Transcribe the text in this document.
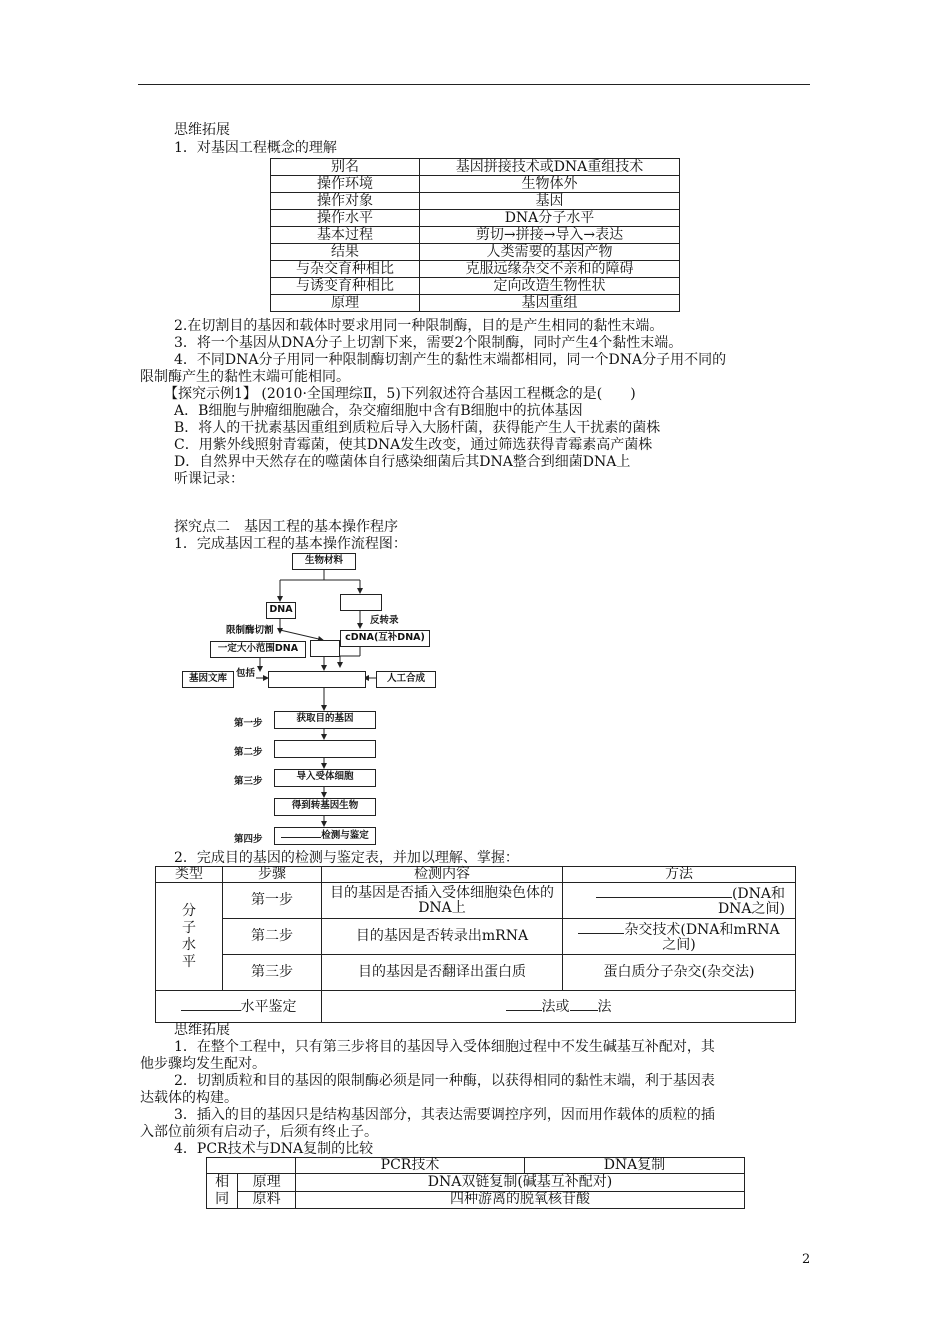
思维拓展
1．对基因工程概念的理解
别名	基因拼接技术或DNA重组技术
操作环境	生物体外
操作对象	基因
操作水平	DNA分子水平
基本过程	剪切→拼接→导入→表达
结果	人类需要的基因产物
与杂交育种相比	克服远缘杂交不亲和的障碍
与诱变育种相比	定向改造生物性状
原理	基因重组
2.在切割目的基因和载体时要求用同一种限制酶，目的是产生相同的黏性末端。
3．将一个基因从DNA分子上切割下来，需要2个限制酶，同时产生4个黏性末端。
4．不同DNA分子用同一种限制酶切割产生的黏性末端都相同，同一个DNA分子用不同的
限制酶产生的黏性末端可能相同。
【探究示例1】 (2010·全国理综Ⅱ，5)下列叙述符合基因工程概念的是(　　)
A．B细胞与肿瘤细胞融合，杂交瘤细胞中含有B细胞中的抗体基因
B．将人的干扰素基因重组到质粒后导入大肠杆菌，获得能产生人干扰素的菌株
C．用紫外线照射青霉菌，使其DNA发生改变，通过筛选获得青霉素高产菌株
D．自然界中天然存在的噬菌体自行感染细菌后其DNA整合到细菌DNA上
听课记录：
探究点二　基因工程的基本操作程序
1．完成基因工程的基本操作流程图：
生物材料
DNA
反转录
cDNA(互补DNA)
限制酶切割
一定大小范围DNA
基因文库 包括	人工合成
第一步	获取目的基因
第二步
第三步	导入受体细胞
得到转基因生物
第四步	检测与鉴定
2．完成目的基因的检测与鉴定表，并加以理解、掌握：
类型	步骤	检测内容	方法
分
子
水
平	第一步	目的基因是否插入受体细胞染色体的DNA上	(DNA和DNA之间)
	第二步	目的基因是否转录出mRNA	杂交技术(DNA和mRNA之间)
	第三步	目的基因是否翻译出蛋白质	蛋白质分子杂交(杂交法)
水平鉴定		法或 法	
思维拓展
1．在整个工程中，只有第三步将目的基因导入受体细胞过程中不发生碱基互补配对，其
他步骤均发生配对。
2．切割质粒和目的基因的限制酶必须是同一种酶，以获得相同的黏性末端，利于基因表
达载体的构建。
3．插入的目的基因只是结构基因部分，其表达需要调控序列，因而用作载体的质粒的插
入部位前须有启动子，后须有终止子。
4．PCR技术与DNA复制的比较
		PCR技术	DNA复制
相
同	原理	DNA双链复制(碱基互补配对)	
	原料	四种游离的脱氧核苷酸	
2
